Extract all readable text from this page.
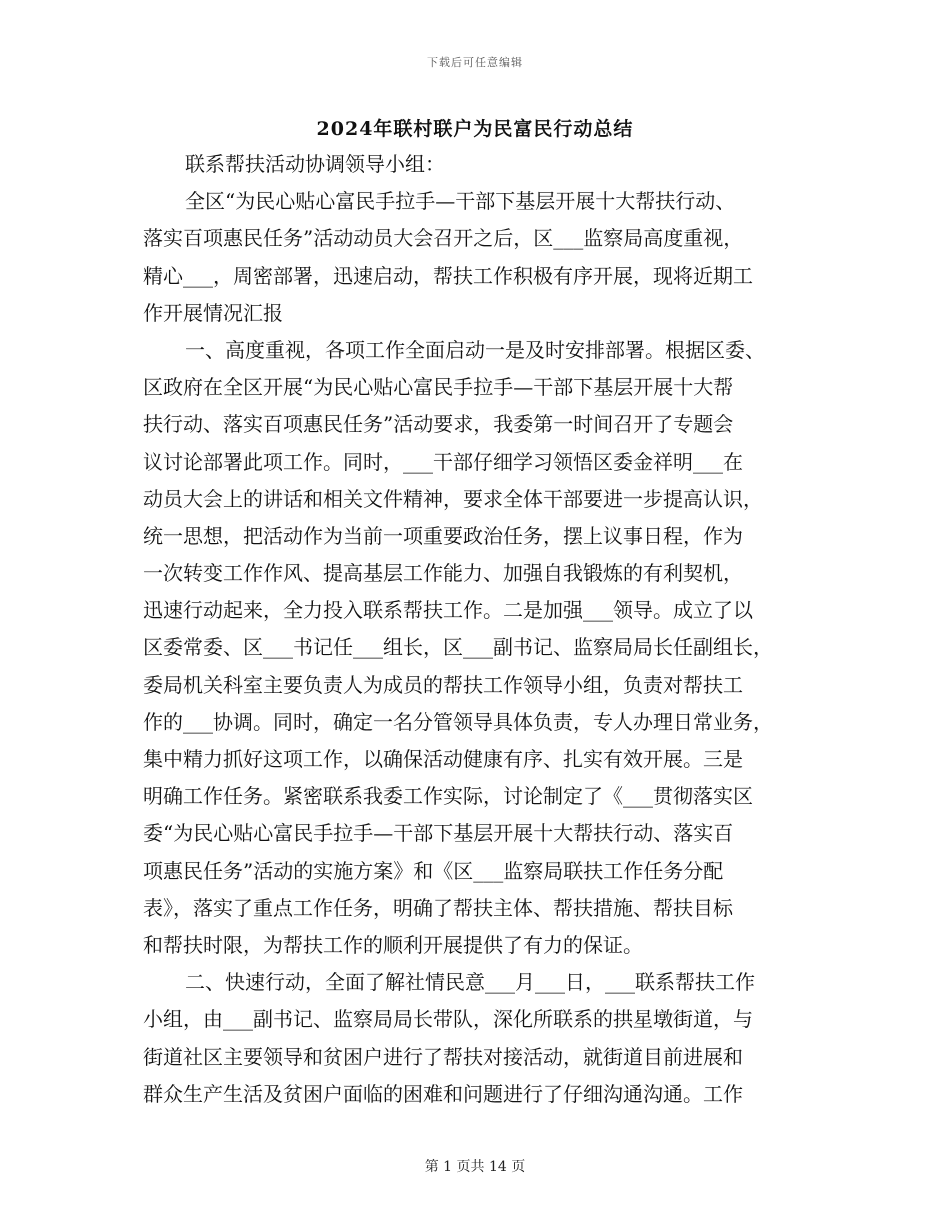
下载后可任意编辑
2024年联村联户为民富民行动总结
联系帮扶活动协调领导小组：
全区“为民心贴心富民手拉手—干部下基层开展十大帮扶行动、
落实百项惠民任务”活动动员大会召开之后，区___监察局高度重视，
精心___，周密部署，迅速启动，帮扶工作积极有序开展，现将近期工
作开展情况汇报
一、高度重视，各项工作全面启动一是及时安排部署。根据区委、
区政府在全区开展“为民心贴心富民手拉手—干部下基层开展十大帮
扶行动、落实百项惠民任务”活动要求，我委第一时间召开了专题会
议讨论部署此项工作。同时，___干部仔细学习领悟区委金祥明___在
动员大会上的讲话和相关文件精神，要求全体干部要进一步提高认识，
统一思想，把活动作为当前一项重要政治任务，摆上议事日程，作为
一次转变工作作风、提高基层工作能力、加强自我锻炼的有利契机，
迅速行动起来，全力投入联系帮扶工作。二是加强___领导。成立了以
区委常委、区___书记任___组长，区___副书记、监察局局长任副组长，
委局机关科室主要负责人为成员的帮扶工作领导小组，负责对帮扶工
作的___协调。同时，确定一名分管领导具体负责，专人办理日常业务，
集中精力抓好这项工作，以确保活动健康有序、扎实有效开展。三是
明确工作任务。紧密联系我委工作实际，讨论制定了《___贯彻落实区
委“为民心贴心富民手拉手—干部下基层开展十大帮扶行动、落实百
项惠民任务”活动的实施方案》和《区___监察局联扶工作任务分配
表》，落实了重点工作任务，明确了帮扶主体、帮扶措施、帮扶目标
和帮扶时限，为帮扶工作的顺利开展提供了有力的保证。
二、快速行动，全面了解社情民意___月___日，___联系帮扶工作
小组，由___副书记、监察局局长带队，深化所联系的拱星墩街道，与
街道社区主要领导和贫困户进行了帮扶对接活动，就街道目前进展和
群众生产生活及贫困户面临的困难和问题进行了仔细沟通沟通。工作
第 1 页共 14 页
